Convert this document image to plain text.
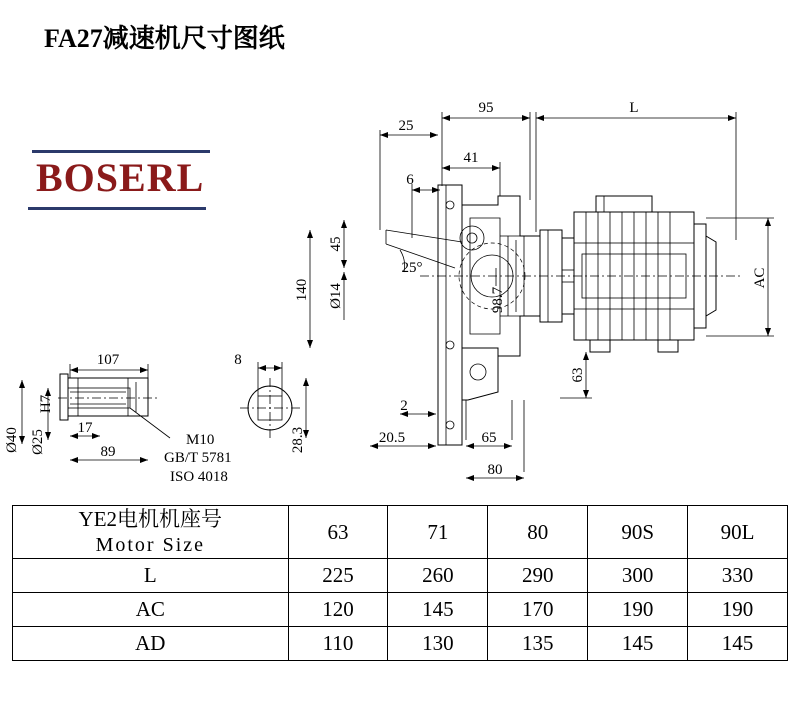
FA27减速机尺寸图纸
BOSERL
95	L
25
41
6
45
Ø14
140
25°
98.7
AC
63
2
20.5	65
80
107
17
89
Ø40 Ø25
H7
M10
GB/T 5781
ISO 4018
8
28.3
YE2电机机座号
Motor Size	63	71	80	90S	90L
L	225	260	290	300	330
AC	120	145	170	190	190
AD	110	130	135	145	145
